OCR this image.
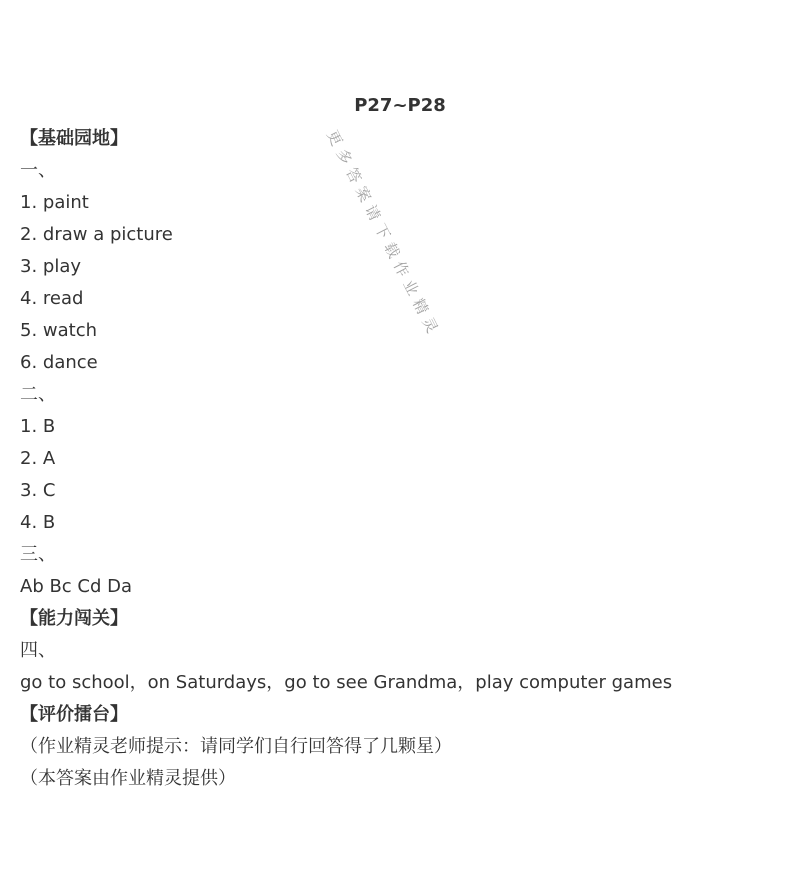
P27~P28
更多答案请下载作业精灵
【基础园地】
一、
1. paint
2. draw a picture
3. play
4. read
5. watch
6. dance
二、
1. B
2. A
3. C
4. B
三、
Ab Bc Cd Da
【能力闯关】
四、
go to school，on Saturdays，go to see Grandma，play computer games
【评价擂台】
（作业精灵老师提示：请同学们自行回答得了几颗星）
（本答案由作业精灵提供）
